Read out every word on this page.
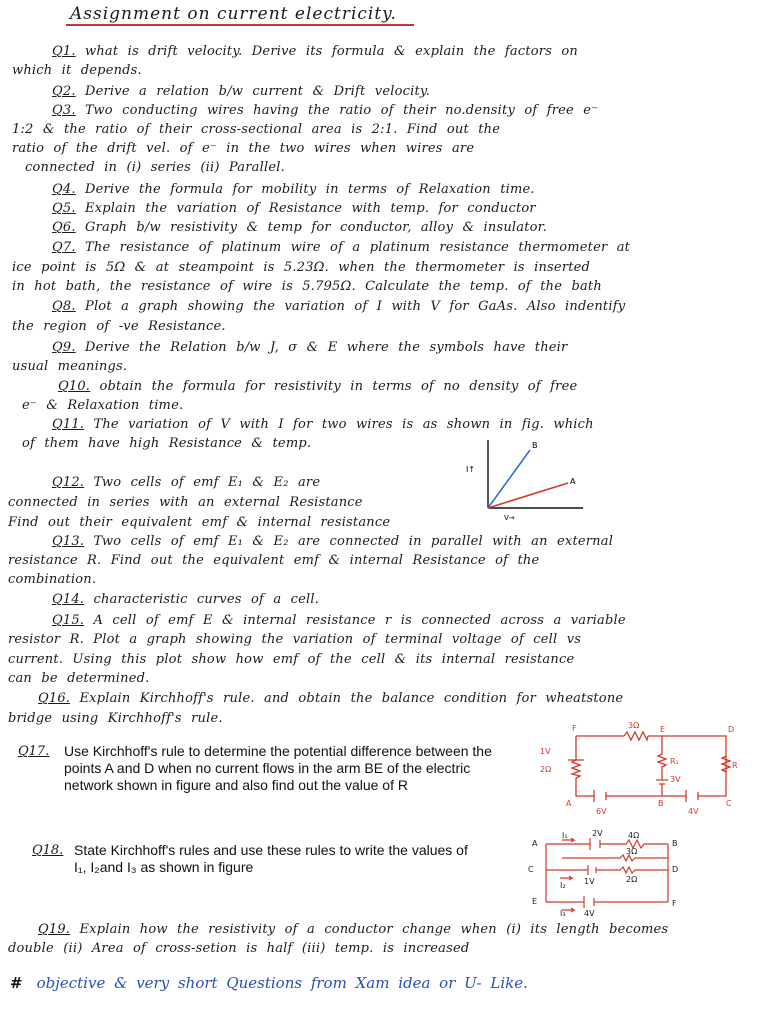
Assignment on current electricity.
Q1. what is drift velocity. Derive its formula & explain the factors on
which it depends.
Q2. Derive a relation b/w current & Drift velocity.
Q3. Two conducting wires having the ratio of their no.density of free e⁻
1:2 & the ratio of their cross-sectional area is 2:1. Find out the
ratio of the drift vel. of e⁻ in the two wires when wires are
connected in (i) series (ii) Parallel.
Q4. Derive the formula for mobility in terms of Relaxation time.
Q5. Explain the variation of Resistance with temp. for conductor
Q6. Graph b/w resistivity & temp for conductor, alloy & insulator.
Q7. The resistance of platinum wire of a platinum resistance thermometer at
ice point is 5Ω & at steampoint is 5.23Ω. when the thermometer is inserted
in hot bath, the resistance of wire is 5.795Ω. Calculate the temp. of the bath
Q8. Plot a graph showing the variation of I with V for GaAs. Also indentify
the region of -ve Resistance.
Q9. Derive the Relation b/w J, σ & E where the symbols have their
usual meanings.
Q10. obtain the formula for resistivity in terms of no density of free
e⁻ & Relaxation time.
Q11. The variation of V with I for two wires is as shown in fig. which
of them have high Resistance & temp.
Q12. Two cells of emf E₁ & E₂ are
connected in series with an external Resistance
Find out their equivalent emf & internal resistance
Q13. Two cells of emf E₁ & E₂ are connected in parallel with an external
resistance R. Find out the equivalent emf & internal Resistance of the
combination.
Q14. characteristic curves of a cell.
Q15. A cell of emf E & internal resistance r is connected across a variable
resistor R. Plot a graph showing the variation of terminal voltage of cell vs
current. Using this plot show how emf of the cell & its internal resistance
can be determined.
Q16. Explain Kirchhoff's rule. and obtain the balance condition for wheatstone
bridge using Kirchhoff's rule.
Q19. Explain how the resistivity of a conductor change when (i) its length becomes
double (ii) Area of cross-setion is half (iii) temp. is increased
B
A
I↑
V→
Q17. Use Kirchhoff's rule to determine the potential difference between the points A and D when no current flows in the arm BE of the electric network shown in figure and also find out the value of R
F	E	D
A	B	C
3Ω
1V
2Ω
R₁
3V
R
6V	4V
Q18. State Kirchhoff's rules and use these rules to write the values of I₁, I₂and I₃ as shown in figure
A	B
C	D
E	F
I₁
I₂
I₃
2V	4Ω
3Ω
2Ω
1V
4V
# objective & very short Questions from Xam idea or U- Like.
